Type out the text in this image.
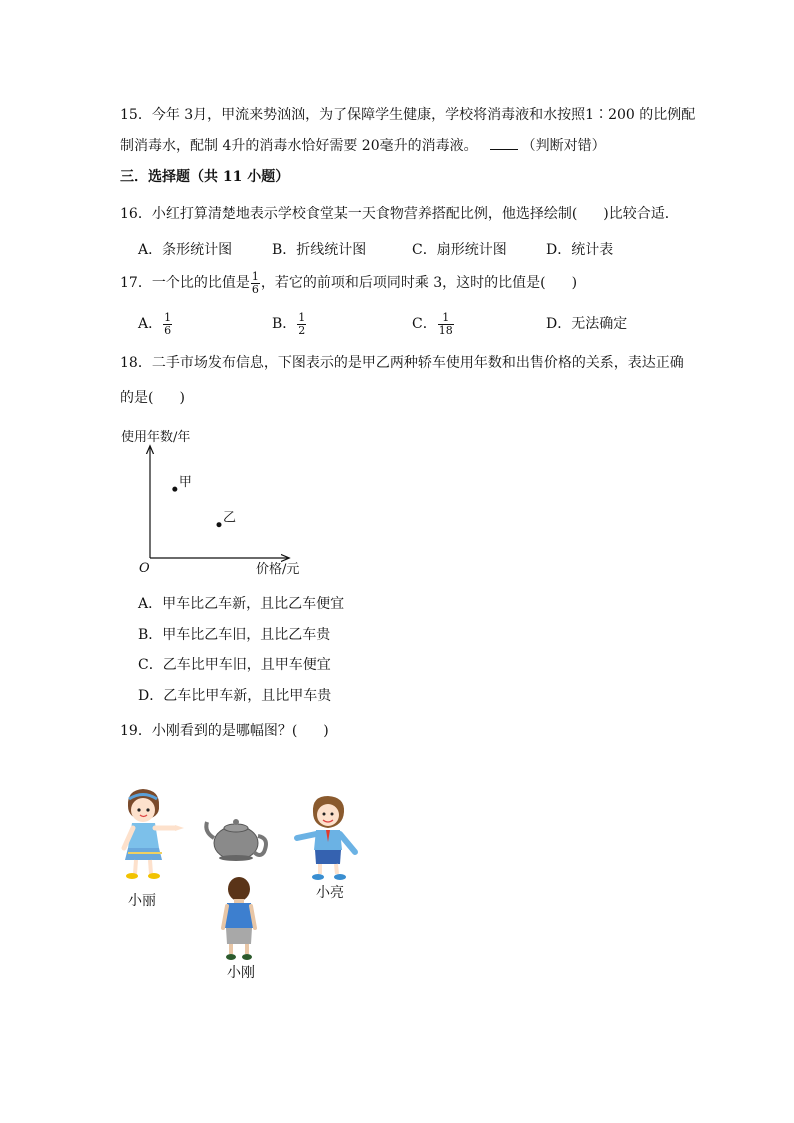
15．今年 3月，甲流来势汹汹，为了保障学生健康，学校将消毒液和水按照1∶200 的比例配
制消毒水，配制 4升的消毒水恰好需要 20毫升的消毒液。	（判断对错）
三．选择题（共 11 小题）
16．小红打算清楚地表示学校食堂某一天食物营养搭配比例，他选择绘制( )比较合适．
A．条形统计图	B．折线统计图	C．扇形统计图	D．统计表
17．一个比的比值是 $\frac{1}{6}$ ，若它的前项和后项同时乘 3，这时的比值是( )
A． $\frac{1}{6}$	B． $\frac{1}{2}$	C． $\frac{1}{18}$	D．无法确定
18．二手市场发布信息，下图表示的是甲乙两种轿车使用年数和出售价格的关系，表达正确
的是( )
使用年数/年
价格/元
O
甲
乙
A．甲车比乙车新，且比乙车便宜
B．甲车比乙车旧，且比乙车贵
C．乙车比甲车旧，且甲车便宜
D．乙车比甲车新，且比甲车贵
19．小刚看到的是哪幅图？( )
小丽	小亮
小刚
